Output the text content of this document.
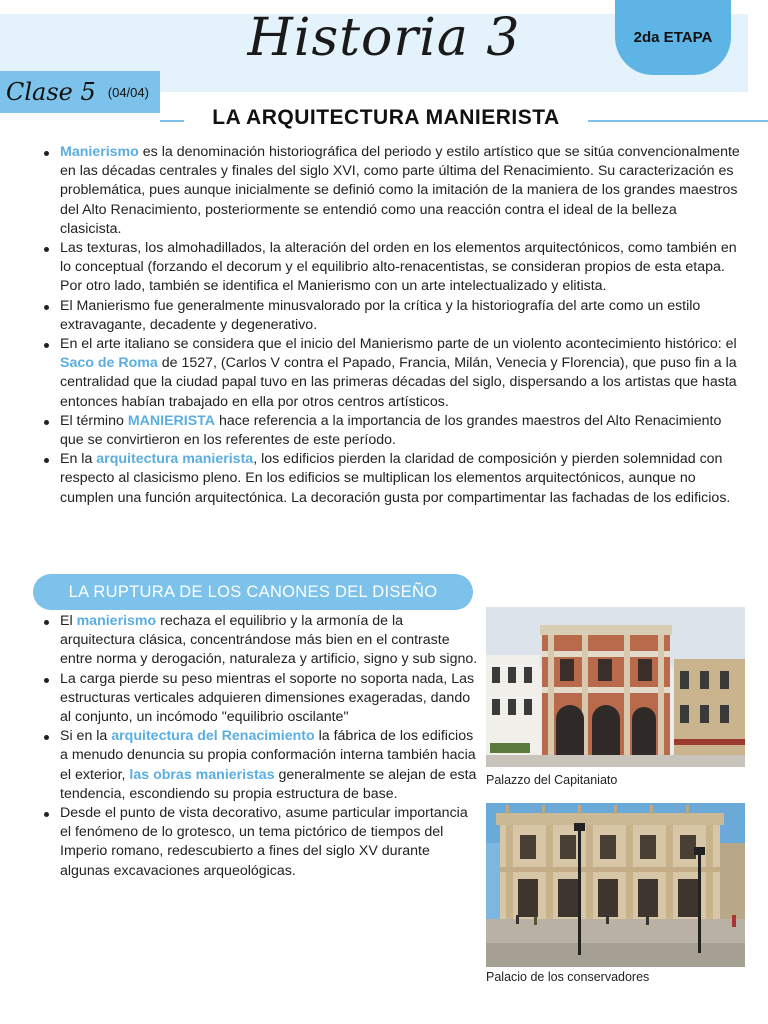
Historia 3	2da ETAPA
Clase 5 (04/04)
LA ARQUITECTURA MANIERISTA
Manierismo es la denominación historiográfica del periodo y estilo artístico que se sitúa convencionalmente en las décadas centrales y finales del siglo XVI, como parte última del Renacimiento. Su caracterización es problemática, pues aunque inicialmente se definió como la imitación de la maniera de los grandes maestros del Alto Renacimiento, posteriormente se entendió como una reacción contra el ideal de la belleza clasicista.
Las texturas, los almohadillados, la alteración del orden en los elementos arquitectónicos, como también en lo conceptual (forzando el decorum y el equilibrio alto-renacentistas, se consideran propios de esta etapa. Por otro lado, también se identifica el Manierismo con un arte intelectualizado y elitista.
El Manierismo fue generalmente minusvalorado por la crítica y la historiografía del arte como un estilo extravagante, decadente y degenerativo.
En el arte italiano se considera que el inicio del Manierismo parte de un violento acontecimiento histórico: el Saco de Roma de 1527, (Carlos V contra el Papado, Francia, Milán, Venecia y Florencia), que puso fin a la centralidad que la ciudad papal tuvo en las primeras décadas del siglo, dispersando a los artistas que hasta entonces habían trabajado en ella por otros centros artísticos.
El término MANIERISTA hace referencia a la importancia de los grandes maestros del Alto Renacimiento que se convirtieron en los referentes de este período.
En la arquitectura manierista, los edificios pierden la claridad de composición y pierden solemnidad con respecto al clasicismo pleno. En los edificios se multiplican los elementos arquitectónicos, aunque no cumplen una función arquitectónica. La decoración gusta por compartimentar las fachadas de los edificios.
LA RUPTURA DE LOS CANONES DEL DISEÑO
El manierismo rechaza el equilibrio y la armonía de la arquitectura clásica, concentrándose más bien en el contraste entre norma y derogación, naturaleza y artificio, signo y sub signo.
La carga pierde su peso mientras el soporte no soporta nada, Las estructuras verticales adquieren dimensiones exageradas, dando al conjunto, un incómodo "equilibrio oscilante"
Si en la arquitectura del Renacimiento la fábrica de los edificios a menudo denuncia su propia conformación interna también hacia el exterior, las obras manieristas generalmente se alejan de esta tendencia, escondiendo su propia estructura de base.
Desde el punto de vista decorativo, asume particular importancia el fenómeno de lo grotesco, un tema pictórico de tiempos del Imperio romano, redescubierto a fines del siglo XV durante algunas excavaciones arqueológicas.
Palazzo del Capitaniato
Palacio de los conservadores
